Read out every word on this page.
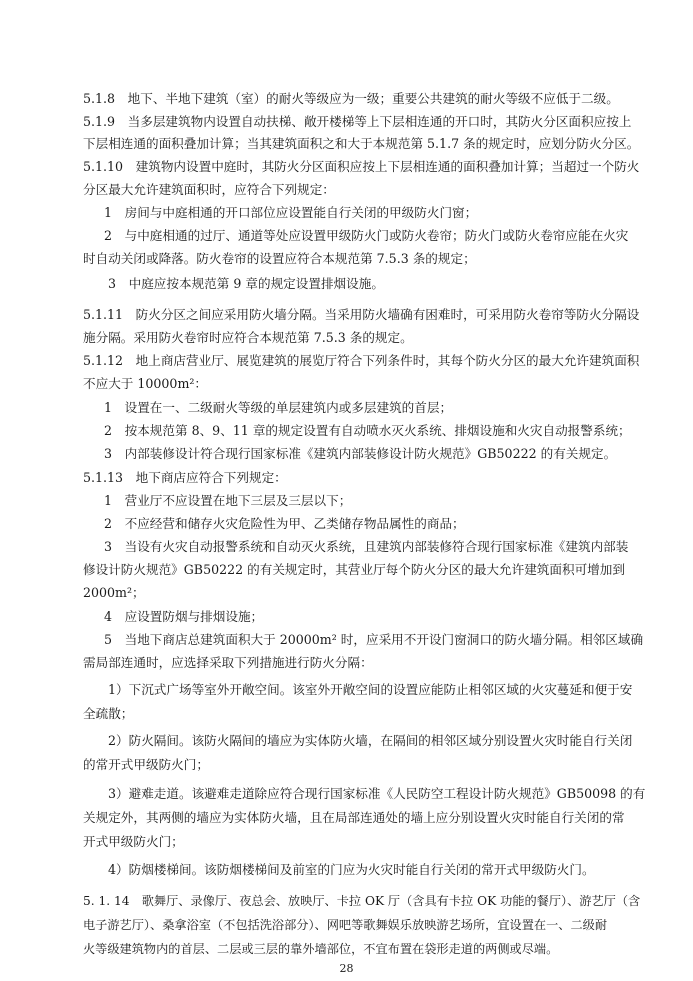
5.1.8　地下、半地下建筑（室）的耐火等级应为一级；重要公共建筑的耐火等级不应低于二级。
5.1.9　当多层建筑物内设置自动扶梯、敞开楼梯等上下层相连通的开口时，其防火分区面积应按上
下层相连通的面积叠加计算；当其建筑面积之和大于本规范第 5.1.7 条的规定时，应划分防火分区。
5.1.10　建筑物内设置中庭时，其防火分区面积应按上下层相连通的面积叠加计算；当超过一个防火
分区最大允许建筑面积时，应符合下列规定：
1　房间与中庭相通的开口部位应设置能自行关闭的甲级防火门窗；
2　与中庭相通的过厅、通道等处应设置甲级防火门或防火卷帘；防火门或防火卷帘应能在火灾
时自动关闭或降落。防火卷帘的设置应符合本规范第 7.5.3 条的规定；
3　中庭应按本规范第 9 章的规定设置排烟设施。
5.1.11　防火分区之间应采用防火墙分隔。当采用防火墙确有困难时，可采用防火卷帘等防火分隔设
施分隔。采用防火卷帘时应符合本规范第 7.5.3 条的规定。
5.1.12　地上商店营业厅、展览建筑的展览厅符合下列条件时，其每个防火分区的最大允许建筑面积
不应大于 10000m²：
1　设置在一、二级耐火等级的单层建筑内或多层建筑的首层；
2　按本规范第 8、9、11 章的规定设置有自动喷水灭火系统、排烟设施和火灾自动报警系统；
3　内部装修设计符合现行国家标准《建筑内部装修设计防火规范》GB50222 的有关规定。
5.1.13　地下商店应符合下列规定：
1　营业厅不应设置在地下三层及三层以下；
2　不应经营和储存火灾危险性为甲、乙类储存物品属性的商品；
3　当设有火灾自动报警系统和自动灭火系统，且建筑内部装修符合现行国家标准《建筑内部装
修设计防火规范》GB50222 的有关规定时，其营业厅每个防火分区的最大允许建筑面积可增加到
2000m²；
4　应设置防烟与排烟设施；
5　当地下商店总建筑面积大于 20000m² 时，应采用不开设门窗洞口的防火墙分隔。相邻区域确
需局部连通时，应选择采取下列措施进行防火分隔：
1）下沉式广场等室外开敞空间。该室外开敞空间的设置应能防止相邻区域的火灾蔓延和便于安
全疏散；
2）防火隔间。该防火隔间的墙应为实体防火墙，在隔间的相邻区域分别设置火灾时能自行关闭
的常开式甲级防火门；
3）避难走道。该避难走道除应符合现行国家标准《人民防空工程设计防火规范》GB50098 的有
关规定外，其两侧的墙应为实体防火墙，且在局部连通处的墙上应分别设置火灾时能自行关闭的常
开式甲级防火门；
4）防烟楼梯间。该防烟楼梯间及前室的门应为火灾时能自行关闭的常开式甲级防火门。
5. 1. 14　歌舞厅、录像厅、夜总会、放映厅、卡拉 OK 厅（含具有卡拉 OK 功能的餐厅）、游艺厅（含
电子游艺厅）、桑拿浴室（不包括洗浴部分）、网吧等歌舞娱乐放映游艺场所，宜设置在一、二级耐
火等级建筑物内的首层、二层或三层的靠外墙部位，不宜布置在袋形走道的两侧或尽端。
28
